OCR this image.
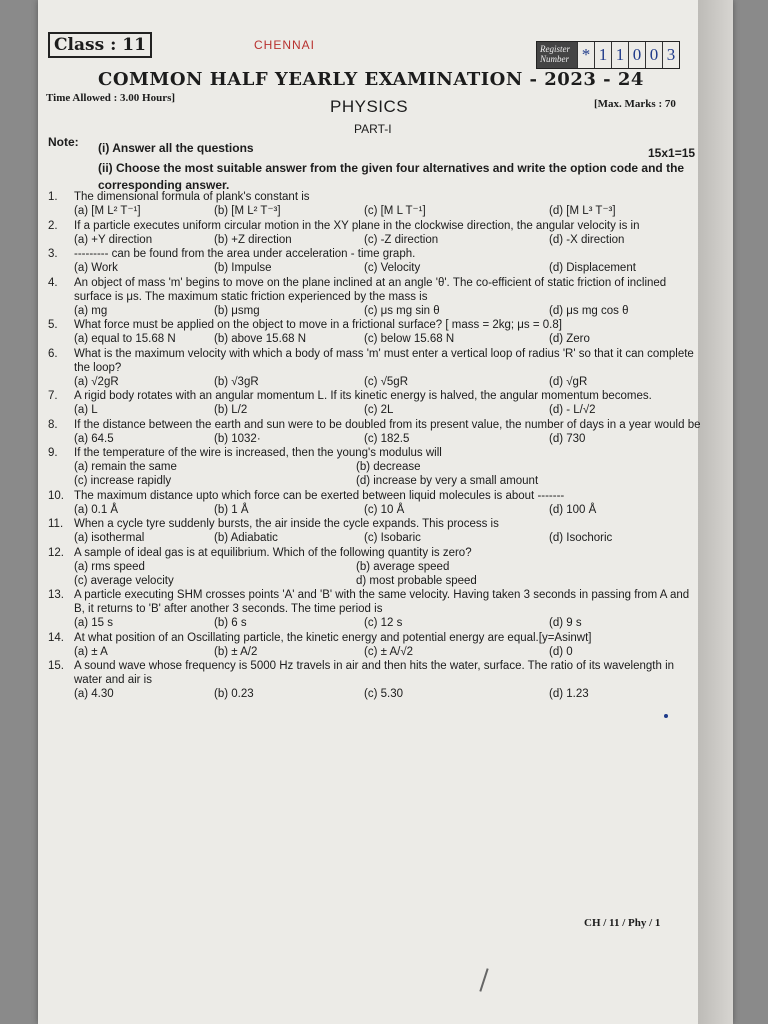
Class : 11	CHENNAI	Register Number * 1 1 0 0 3
COMMON HALF YEARLY EXAMINATION - 2023 - 24
Time Allowed : 3.00 Hours]	PHYSICS	[Max. Marks : 70
PART-I
Note: (i) Answer all the questions	15x1=15
(ii) Choose the most suitable answer from the given four alternatives and write the option code and the corresponding answer.
1.	The dimensional formula of plank's constant is
(a) [M L² T⁻¹]	(b) [M L² T⁻³]	(c) [M L T⁻¹]	(d) [M L³ T⁻³]
2.	If a particle executes uniform circular motion in the XY plane in the clockwise direction, the angular velocity is in
(a) +Y direction	(b) +Z direction	(c) -Z direction	(d) -X direction
3.	--------- can be found from the area under acceleration - time graph.
(a) Work	(b) Impulse	(c) Velocity	(d) Displacement
4.	An object of mass 'm' begins to move on the plane inclined at an angle 'θ'. The co-efficient of static friction of inclined surface is μs. The maximum static friction experienced by the mass is
(a) mg	(b) μsmg	(c) μs mg sin θ	(d) μs mg cos θ
5.	What force must be applied on the object to move in a frictional surface? [ mass = 2kg; μs = 0.8]
(a) equal to 15.68 N	(b) above 15.68 N	(c) below 15.68 N	(d) Zero
6.	What is the maximum velocity with which a body of mass 'm' must enter a vertical loop of radius 'R' so that it can complete the loop?
(a) √2gR	(b) √3gR	(c) √5gR	(d) √gR
7.	A rigid body rotates with an angular momentum L. If its kinetic energy is halved, the angular momentum becomes.
(a) L	(b) L/2	(c) 2L	(d) - L/√2
8.	If the distance between the earth and sun were to be doubled from its present value, the number of days in a year would be
(a) 64.5	(b) 1032·	(c) 182.5	(d) 730
9.	If the temperature of the wire is increased, then the young's modulus will
(a) remain the same	(b) decrease
(c) increase rapidly	(d) increase by very a small amount
10. The maximum distance upto which force can be exerted between liquid molecules is about -------
(a) 0.1 Å	(b) 1 Å	(c) 10 Å	(d) 100 Å
11. When a cycle tyre suddenly bursts, the air inside the cycle expands. This process is
(a) isothermal	(b) Adiabatic	(c) Isobaric	(d) Isochoric
12. A sample of ideal gas is at equilibrium. Which of the following quantity is zero?
(a) rms speed	(b) average speed
(c) average velocity	d) most probable speed
13. A particle executing SHM crosses points 'A' and 'B' with the same velocity. Having taken 3 seconds in passing from A and B, it returns to 'B' after another 3 seconds. The time period is
(a) 15 s	(b) 6 s	(c) 12 s	(d) 9 s
14. At what position of an Oscillating particle, the kinetic energy and potential energy are equal.[y=Asinwt]
(a) ± A	(b) ± A/2	(c) ± A/√2	(d) 0
15. A sound wave whose frequency is 5000 Hz travels in air and then hits the water, surface. The ratio of its wavelength in water and air is
(a) 4.30	(b) 0.23	(c) 5.30	(d) 1.23
CH / 11 / Phy / 1
